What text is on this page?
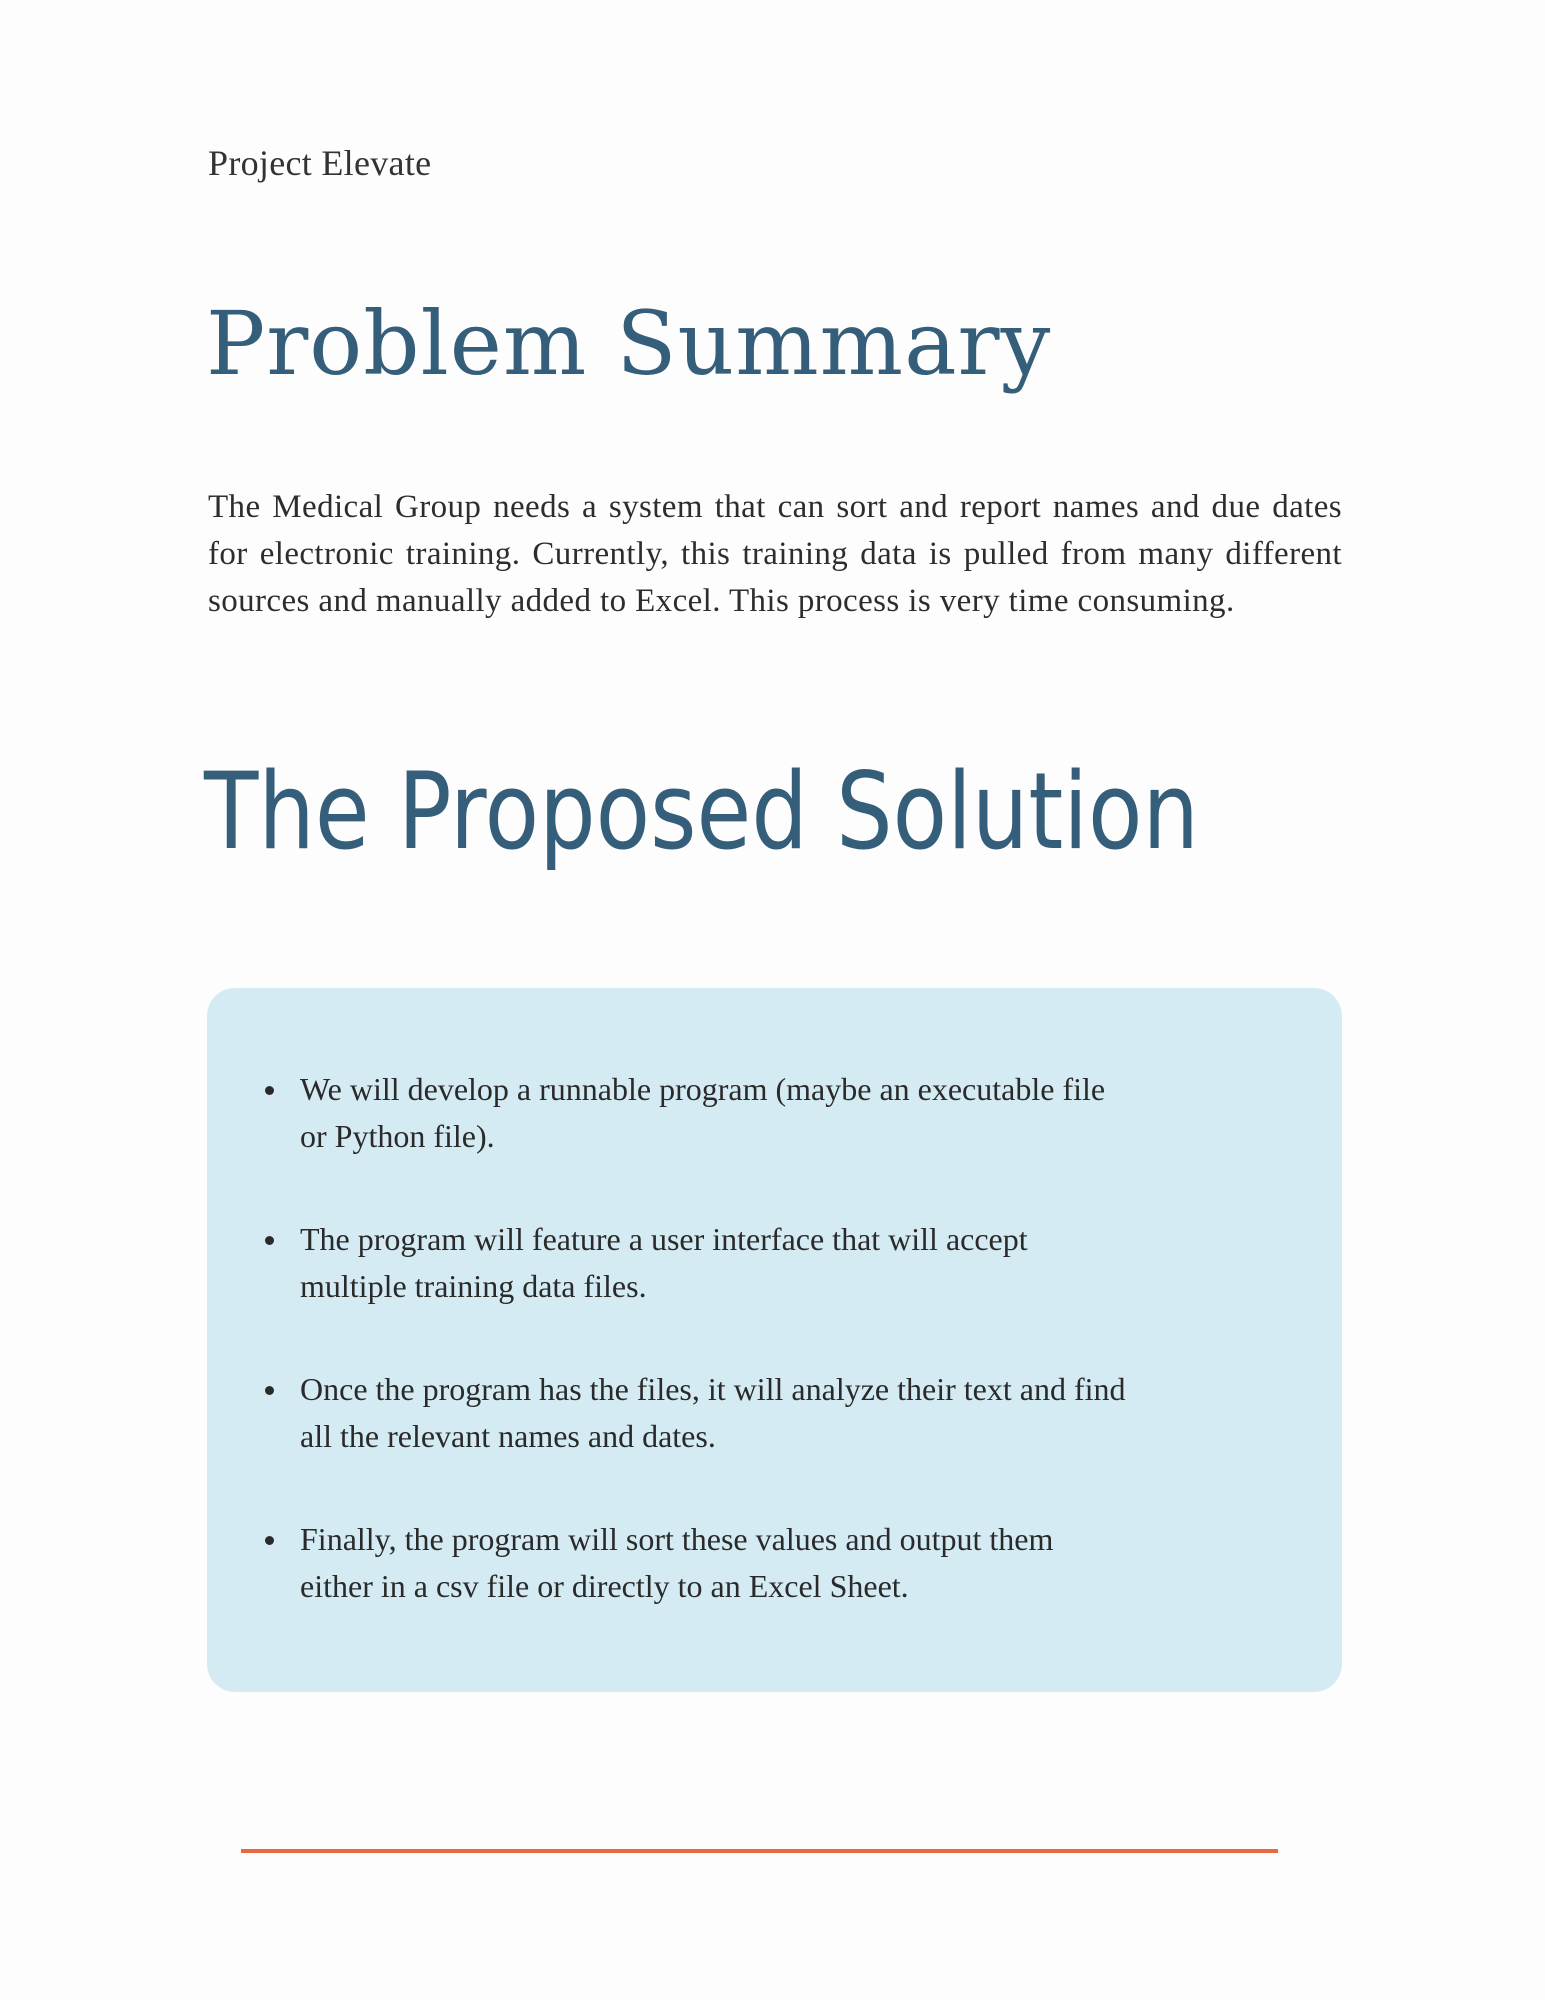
Project Elevate
Problem Summary

The Medical Group needs a system that can sort and report names and due dates for electronic training. Currently, this training data is pulled from many different sources and manually added to Excel. This process is very time consuming.

The Proposed Solution
We will develop a runnable program (maybe an executable file or Python file).
The program will feature a user interface that will accept multiple training data files.
Once the program has the files, it will analyze their text and find all the relevant names and dates.
Finally, the program will sort these values and output them either in a csv file or directly to an Excel Sheet.
